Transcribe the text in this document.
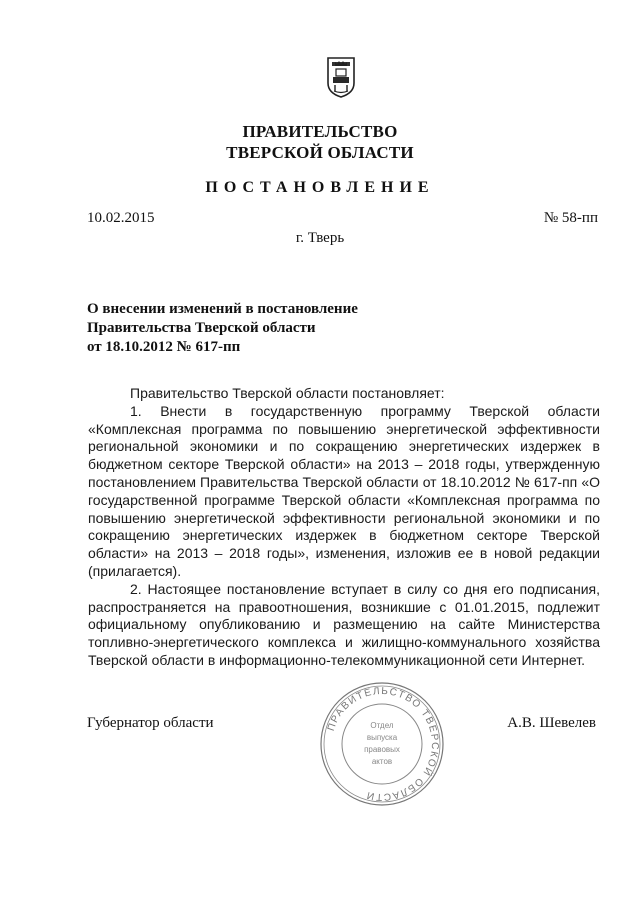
ПРАВИТЕЛЬСТВО
ТВЕРСКОЙ ОБЛАСТИ
ПОСТАНОВЛЕНИЕ
10.02.2015	№ 58-пп
г. Тверь
О внесении изменений в постановление
Правительства Тверской области
от 18.10.2012 № 617-пп

Правительство Тверской области постановляет:

1. Внести в государственную программу Тверской области «Комплексная программа по повышению энергетической эффективности региональной экономики и по сокращению энергетических издержек в бюджетном секторе Тверской области» на 2013 – 2018 годы, утвержденную постановлением Правительства Тверской области от 18.10.2012 № 617-пп «О государственной программе Тверской области «Комплексная программа по повышению энергетической эффективности региональной экономики и по сокращению энергетических издержек в бюджетном секторе Тверской области» на 2013 – 2018 годы», изменения, изложив ее в новой редакции (прилагается).

2. Настоящее постановление вступает в силу со дня его подписания, распространяется на правоотношения, возникшие с 01.01.2015, подлежит официальному опубликованию и размещению на сайте Министерства топливно-энергетического комплекса и жилищно-коммунального хозяйства Тверской области в информационно-телекоммуникационной сети Интернет.

Губернатор области	А.В. Шевелев
ПРАВИТЕЛЬСТВО ТВЕРСКОЙ ОБЛАСТИ
Отдел
выпуска
правовых
актов
